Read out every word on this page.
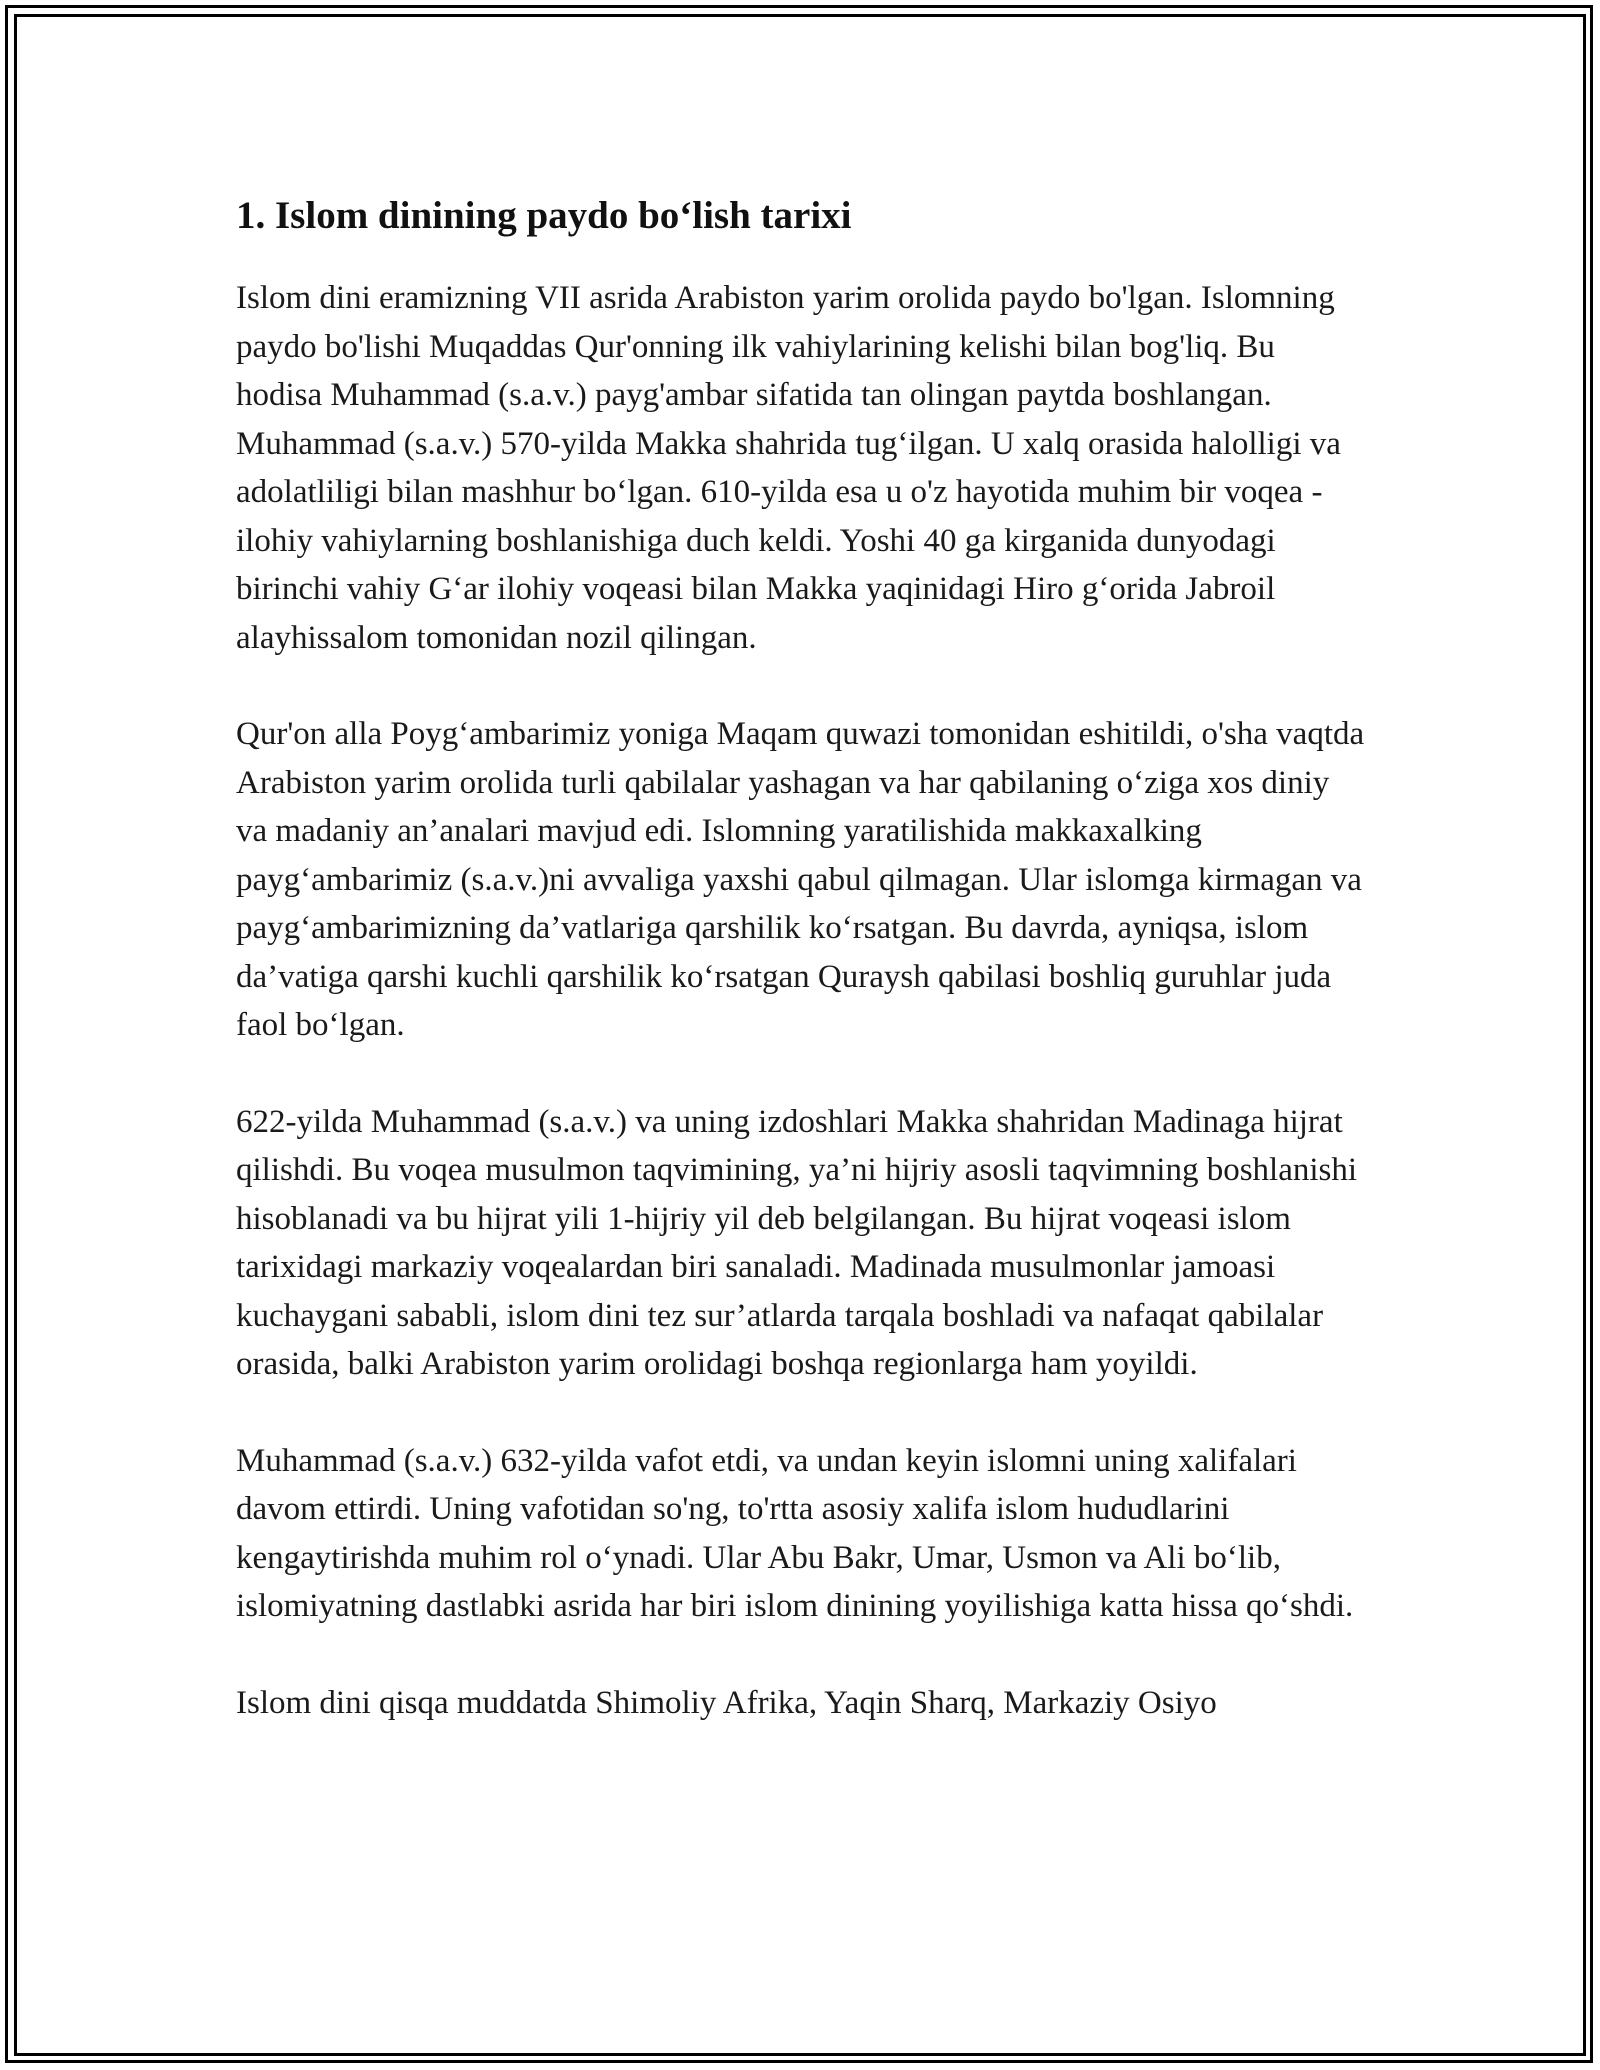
1. Islom dinining paydo bo‘lish tarixi

Islom dini eramizning VII asrida Arabiston yarim orolida paydo bo'lgan. Islomning paydo bo'lishi Muqaddas Qur'onning ilk vahiylarining kelishi bilan bog'liq. Bu hodisa Muhammad (s.a.v.) payg'ambar sifatida tan olingan paytda boshlangan. Muhammad (s.a.v.) 570-yilda Makka shahrida tug‘ilgan. U xalq orasida halolligi va adolatliligi bilan mashhur bo‘lgan. 610-yilda esa u o'z hayotida muhim bir voqea - ilohiy vahiylarning boshlanishiga duch keldi. Yoshi 40 ga kirganida dunyodagi birinchi vahiy G‘ar ilohiy voqeasi bilan Makka yaqinidagi Hiro g‘orida Jabroil alayhissalom tomonidan nozil qilingan.

Qur'on alla Poyg‘ambarimiz yoniga Maqam quwazi tomonidan eshitildi, o'sha vaqtda Arabiston yarim orolida turli qabilalar yashagan va har qabilaning o‘ziga xos diniy va madaniy an’analari mavjud edi. Islomning yaratilishida makkaxalking payg‘ambarimiz (s.a.v.)ni avvaliga yaxshi qabul qilmagan. Ular islomga kirmagan va payg‘ambarimizning da’vatlariga qarshilik ko‘rsatgan. Bu davrda, ayniqsa, islom da’vatiga qarshi kuchli qarshilik ko‘rsatgan Quraysh qabilasi boshliq guruhlar juda faol bo‘lgan.

622-yilda Muhammad (s.a.v.) va uning izdoshlari Makka shahridan Madinaga hijrat qilishdi. Bu voqea musulmon taqvimining, ya’ni hijriy asosli taqvimning boshlanishi hisoblanadi va bu hijrat yili 1-hijriy yil deb belgilangan. Bu hijrat voqeasi islom tarixidagi markaziy voqealardan biri sanaladi. Madinada musulmonlar jamoasi kuchaygani sababli, islom dini tez sur’atlarda tarqala boshladi va nafaqat qabilalar orasida, balki Arabiston yarim orolidagi boshqa regionlarga ham yoyildi.

Muhammad (s.a.v.) 632-yilda vafot etdi, va undan keyin islomni uning xalifalari davom ettirdi. Uning vafotidan so'ng, to'rtta asosiy xalifa islom hududlarini kengaytirishda muhim rol o‘ynadi. Ular Abu Bakr, Umar, Usmon va Ali bo‘lib, islomiyatning dastlabki asrida har biri islom dinining yoyilishiga katta hissa qo‘shdi.

Islom dini qisqa muddatda Shimoliy Afrika, Yaqin Sharq, Markaziy Osiyo
